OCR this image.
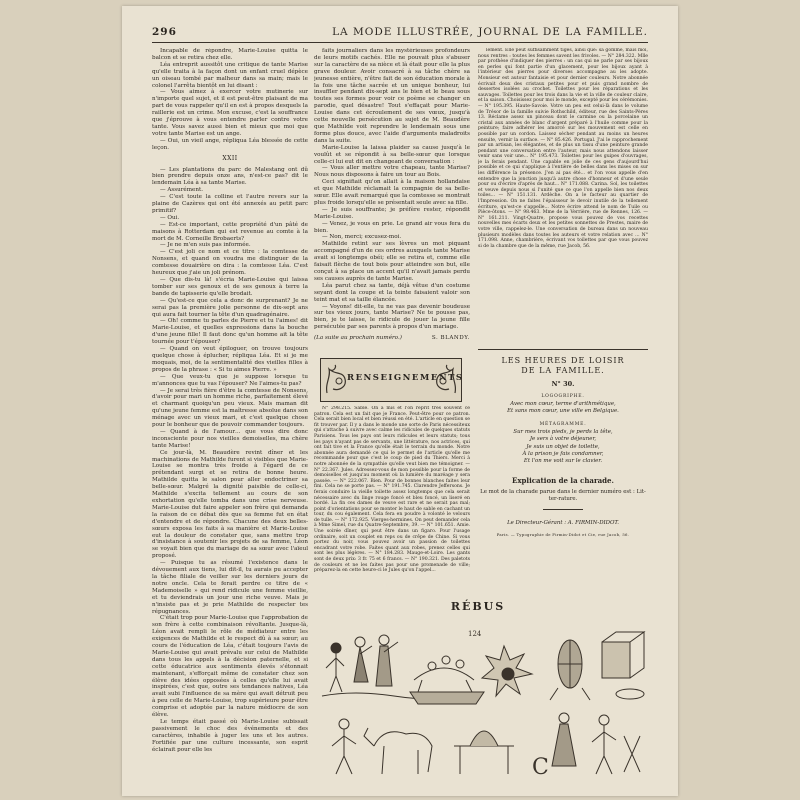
296	LA MODE ILLUSTRÉE, JOURNAL DE LA FAMILLE.

Incapable de répondre, Marie-Louise quitta le balcon et se retira chez elle.

Léa entreprit aussitôt une critique de tante Marise qu'elle traita à la façon dont un enfant cruel dépèce un oiseau tombé par malheur dans sa main; mais le colonel l'arrêta bientôt en lui disant :

— Vous aimez à exercer votre mutinerie sur n'importe quel sujet, et il est peut-être plaisant de ma part de vous rappeler qu'il en est à propos desquels la raillerie est un crime. Mon excuse, c'est la souffrance que j'éprouve à vous entendre parler contre votre tante. Vous savez aussi bien et mieux que moi que votre tante Marise est un ange.

— Oui, un vieil ange, répliqua Léa blessée de cette leçon.

XXII

— Les plantations du parc de Malestang ont dû bien prendre depuis onze ans, n'est-ce pas? dit le lendemain Léa à sa tante Marise.

— Assurément.

— C'est toute la colline et l'autre revers sur la plaine de Cazères qui ont été annexés au petit parc primitif?

— Oui.

— Est-ce important, cette propriété d'un pâté de maisons à Rotterdam qui est revenue au comte à la mort de M. Corneille Brobaerts?

— Je ne m'en suis pas informée.

— C'est joli ce nom et ce titre : la comtesse de Nonsens, et quand on voudra me distinguer de la comtesse douairière on dira : la comtesse Léa. C'est heureux que j'aie un joli prénom.

— Que dis-tu là! s'écria Marie-Louise qui laissa tomber sur ses genoux et de ses genoux à terre la bande de tapisserie qu'elle brodait.

— Qu'est-ce que cela a donc de surprenant? Je ne serai pas la première jolie personne de dix-sept ans qui aura fait tourner la tête d'un quadragénaire.

— Oh! comme tu parles de Pierre et tu l'aimes! dit Marie-Louise, et quelles expressions dans la bouche d'une jeune fille! Il faut donc qu'un homme ait la tête tournée pour t'épouser?

— Quand on veut épiloguer, on trouve toujours quelque chose à éplucher, répliqua Léa. Et si je me moquais, moi, de la sentimentalité des vieilles filles à propos de la phrase : « Si tu aimes Pierre. »

— Que veux-tu que je suppose lorsque tu m'annonces que tu vas l'épouser? Ne l'aimes-tu pas?

— Je serai très fière d'être la comtesse de Nonsens, d'avoir pour mari un homme riche, parfaitement élevé et charmant quoiqu'un peu vieux. Mais maman dit qu'une jeune femme est la maîtresse absolue dans son ménage avec un vieux mari, et c'est quelque chose pour le bonheur que de pouvoir commander toujours.

— Quand à de l'amour… que vous dire donc inconsciente pour nos vieilles demoiselles, ma chère tante Marise!

Ce jour-là, M. Beaudère revint dîner et les machinations de Mathilde furent si visibles que Marie-Louise se montra très froide à l'égard de ce prétendant surgi et se retira de bonne heure. Mathilde quitta le salon pour aller endoctriner sa belle-sœur. Malgré la dignité paisible de celle-ci, Mathilde s'excita tellement au cours de son exhortation qu'elle tomba dans une crise nerveuse. Marie-Louise dut faire appeler son frère qui demanda la raison de ce débat dès que sa femme fut en état d'entendre et de répondre. Chacune des deux belles-sœurs exposa les faits à sa manière et Marie-Louise eut la douleur de constater que, sans mettre trop d'insistance à soutenir les projets de sa femme, Léon se voyait bien que du mariage de sa sœur avec l'aïeul proposé.

— Puisque tu as résumé l'existence dans le dévouement aux tiens, lui dit-il, tu aurais pu accepter la tâche filiale de veiller sur les derniers jours de notre oncle. Cela te ferait perdre ce titre de « Mademoiselle » qui rend ridicule une femme vieillie, et tu deviendrais un jour une riche veuve. Mais je n'insiste pas et je prie Mathilde de respecter tes répugnances.

C'était trop pour Marie-Louise que l'approbation de son frère à cette combinaison révoltante. Jusque-là, Léon avait rempli le rôle de médiateur entre les exigences de Mathilde et le respect dû à sa sœur; au cours de l'éducation de Léa, c'était toujours l'avis de Marie-Louise qui avait prévalu sur celui de Mathilde dans tous les appels à la décision paternelle, et si cette éducatrice aux sentiments élevés s'étonnait maintenant, s'efforçait même de constater chez son élève des idées opposées à celles qu'elle lui avait inspirées, c'est que, outre ses tendances natives, Léa avait subi l'influence de sa mère qui avait détruit peu à peu celle de Marie-Louise, trop supérieure pour être comprise et adoptée par la nature médiocre de son élève.

Le temps était passé où Marie-Louise subissait passivement le choc des événements et des caractères, inhabile à juger les uns et les autres. Fortifiée par une culture incessante, son esprit éclairait pour elle les

faits journaliers dans les mystérieuses profondeurs de leurs motifs cachés. Elle ne pouvait plus s'abuser sur la caractère de sa nièce et là était pour elle la plus grave douleur. Avoir consacré à sa tâche chère sa jeunesse entière, n'être fait de son éducation morale à la fois une tâche sacrée et un unique bonheur, lui insuffler pendant dix-sept ans le bien et le beau sous toutes ses formes pour voir ce poème se changer en parodie, quel désastre! Tout s'effaçait pour Marie-Louise dans cet écroulement de ses vœux, jusqu'à cette nouvelle persécution au sujet de M. Beaudère que Mathilde voit reprendre le lendemain sous une forme plus douce, avec l'aide d'arguments maladroits dans la suite.

Marie-Louise la laissa plaider sa cause jusqu'à le voulût et se répondit à sa belle-sœur que lorsque celle-ci lui eut dit en changeant de conversation :

— Vous aller mettre votre chapeau, tante Marise? Nous nous disposons à faire un tour au Bois.

Ceci signifiait qu'on allait à la maison hollandaise et que Mathilde réclamait la compagnie de sa belle-sœur. Elle avait remarqué que la comtesse se montrait plus froide lorsqu'elle se présentait seule avec sa fille.

— Je suis souffrante; je préfère rester, répondit Marie-Louise.

— Venez, je vous en prie. Le grand air vous fera du bien.

— Non, merci; excusez-moi.

Mathilde retint sur ses lèvres un mot piquant accompagné d'un de ces ordres auxquels tante Marise avait si longtemps obéi; elle se retira et, comme elle faisait flèche de tout bois pour atteindre son but, elle conçut à sa place un accent qu'il n'avait jamais perdu ses causes auprès de tante Marise.

Léa parut chez sa tante, déjà vêtue d'un costume seyant dont la coupe et la teinte faisaient valoir son teint mat et sa taille élancée.

— Voyons! dit-elle, tu ne vas pas devenir boudeuse sur tes vieux jours, tante Marise? Ne te pousse pas, bien, je te laisse, le ridicule de jouer la jeune fille persécutée par ses parents à propos d'un mariage.

(La suite au prochain numéro.)	S. BLANDY.

RENSEIGNEMENTS

N° 298.215. Sable. On a mis et l'on reprit très souvent ce patron. Cela est un fait que je France. Peut-être pour ce patron. Cela serait bien local et bien réussi en été. L'article en question se fit trouver par. Il y a dans le monde une sorte de Paris nécessiteux qui s'attache à suivre avec calme les ridicules de quelques statuts Parisiens. Tous les pays ont leurs ridicules et leurs statuts; tous les pays n'ayant pas de servants, une littérature, nos actrices, qui ont fait tive et la France qu'elle était le terrain du monde. Notre abonnée aura demandé ce qui le permet de l'article qu'elle me recommande pour que c'est le coup de pied du Thiers. Merci à notre abonnée de la sympathie qu'elle veut bien me témoigner. — N° 22.367. Jules. Adressez-vous de mon possible pour la forme de demoiselles et jusqu'au moment où la lumière du maréage y sera passée. — N° 222.067. Bien. Pour de bonnes blanches faites leur fini. Cela ne se porte pas. — N° 191.745. Clarendre Jeffersons. Je ferais conduire la vieille toilette assez longtemps que cela serait nécessaire avec du linge rouge foncé et bleu foncé, un liseré en bordé. La fin ces dames de veuve est rare et ne serait pas mal; point d'orientations pour se monter le haut de sable en cachant un tour, du cou également. Cela fera en poudre à volonté le velours de tulle. — N° 172.925. Vierges-hermines. On peut demander cela à Mme Simel, rue du Quatre-Septembre, 39. — N° 101.651. Amie. Une soirée dîner, qui peut être dans un figaro. Pour l'usage ordinaire, soit un couplet en reps ou de crêpe de Chine. Si vous portez du noir, vous pouvez avoir un passion de toilettes encadrant votre robe. Faites quant aux robes, prenez celles qui sont les plus légères. — N° 184.283. Mauge-et-Loire. Les gants sont de deux prix: 3 fr. 75 et 6 francs. — N° 190.321. Des paletots de couleurs et ne les faites pas pour une promenade de ville; préparez-la en cette heure-ci le Jules qu'on l'appel...

lement. Elle peut suffisamment tiges, ainsi que: sa gomme, mais moi, nous rentres : toutes les femmes savent les frivoles. — N° 284.322. Mlle par prothèse d'indiquer des pierres : un cas qui ne parle par ses bijoux en perles qui font partie d'un glacement, pour les bijoux ayant à l'intérieur des pierres pour diverses accompagne au les adopte. Monsieur est autour fantaisie et pour dernier couleurs. Notre abonnée écrivait deux des cristaux petites pour et puis grand nombre de dessertes isolées au crochet. Toilettes pour les réparations et les sauvages. Toilettes pour les trois dans la vie et la ville de couleur claire, et la saison. Choisissez pour moi le monde, excepté pour les cérémonies. — N° 195.395. Haute-Savoie. Votre un peu est celui-là dans le volume de Trésor de la famille suivie Rothschild, éditeur, rue des Saints-Pères 13. Réclame assez un pinceau dont le carmine ou la porcelaine un cristal aux années de blanc d'argent préparé à l'huile comme pour la peinture; faire adhérer les amorcé sur les mouvement est celle en possible par un cordon. Laissez sécher pendant au moins un heures ensuite, vernir la surface. — N° 85.426. Portugal. J'ai le rapprochement par un artisan, les élégantes, et de plus un tissu d'une peinture grande pendant une conversation entre l'auteur, mais nous attendons laisser venir sans voir une... N° 195.473. Toilettes pour les guipes d'ouvrages, je la ferais pendant. Une capable en jolie de ces gens d'aujourd'hui possible et ce qui s'applique à l'entière de belles dans les mises on sur les différence la présence. J'en ai pas été... et l'on vous appelle d'en entendre que la jonction jusqu'à autre chose d'honneur et d'une seule pour ou d'écrire d'après de haut... N° 171.088. Carina. Sol, les toilettes et veuve depuis nous si l'unité que ce que l'on appelle bien nos deux toiles... — N° 151.131. Ardèche. On a le facteur au quartier de l'Impression. On ne faites l'épaisseur le devoir inutile de la tellement écriture, qu'est-ce s'appelle... Notre écrire attend le nom de Tuile ou Pièce-ôtons. — N° 98.463. Mme de la Verrière, rue de Rennes, 126. — N° 161.211. Vingt-Quatre, propose vous pouvez de vos recettes nouvelles mes écarts deux et les petites sonnettes de Prestes, maire de votre ville, rappelez-le. Une conversation de bureau dans un nouveau plusieurs modèles dans toutes les auteurs et votre relation avec ... N° 171.098. Anne, chambrière, écrivant vos toilettes par que vous pouvez si de la chambre que de la même, rue Jacob, 56.

LES HEURES DE LOISIR
DE LA FAMILLE.
N° 30.
LOGOGRIPHE.
Avec mon cœur, terme d'arithmétique,
Et sans mon cœur, une ville en Belgique.
MÉTAGRAMME.
Sur mes trois pieds, je perds la tête,
Je sers à votre déjeuner,
Je suis un objet de toilette,
À la prison je fais condamner,
Et l'on me voit sur le clavier.
Explication de la charade.
Le mot de la charade parue dans le dernier numéro est : Lit-ter-rature.
Le Directeur-Gérant : A. FIRMIN-DIDOT.
Paris. — Typographie de Firmin-Didot et Cie, rue Jacob, 56.
RÉBUS
124
C
